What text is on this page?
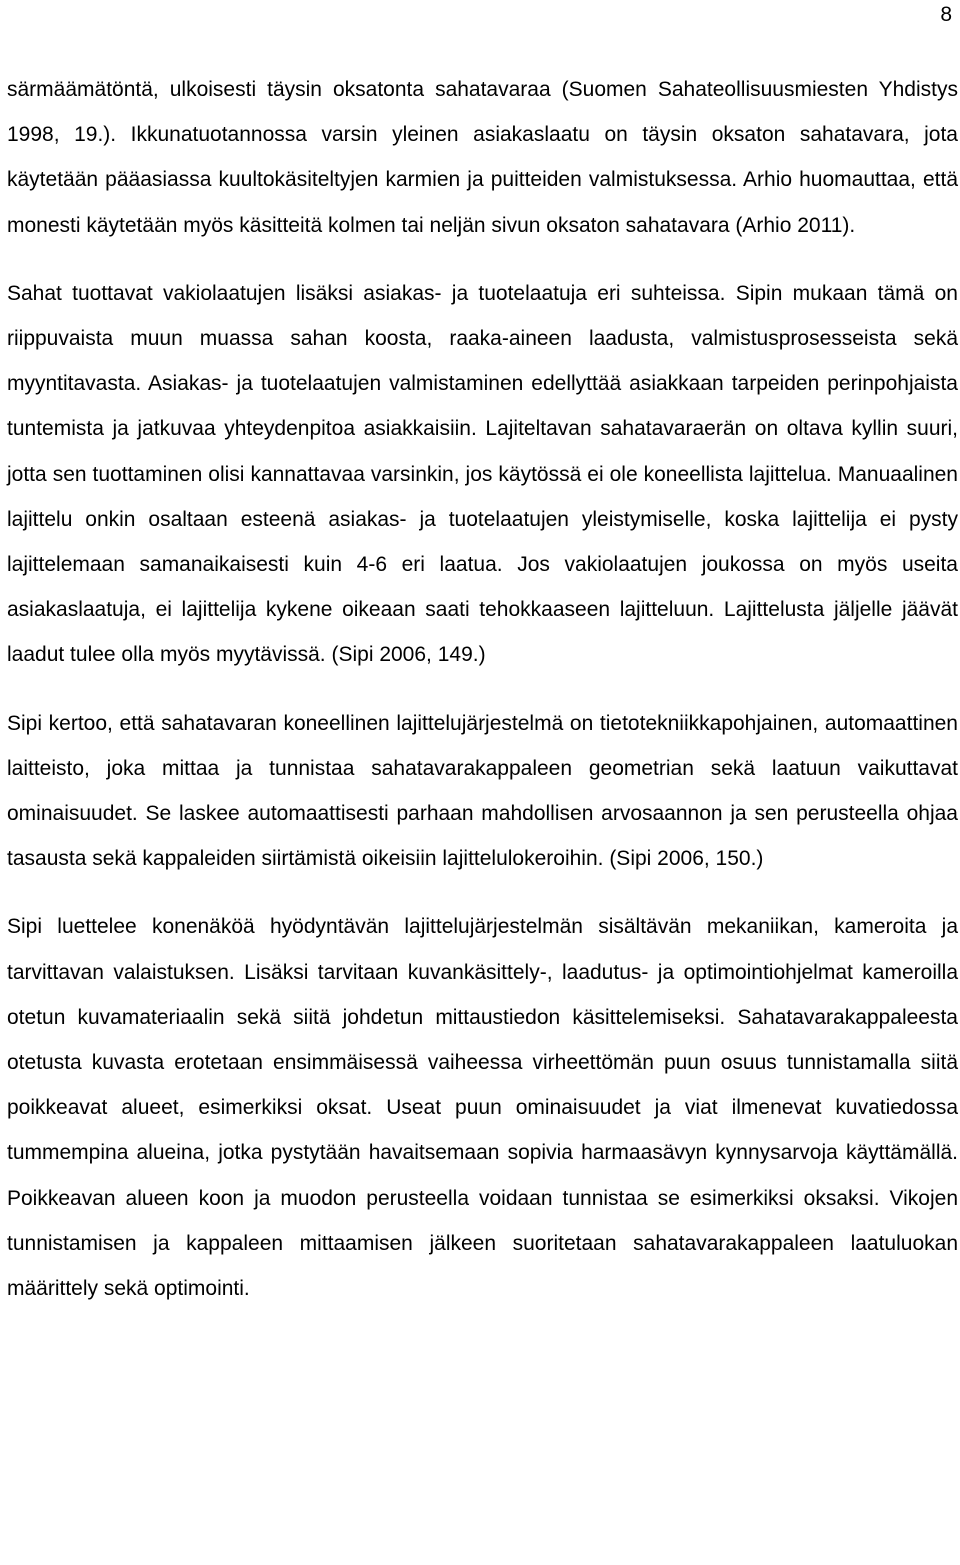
8

särmäämätöntä, ulkoisesti täysin oksatonta sahatavaraa (Suomen Sahateollisuusmiesten Yhdistys 1998, 19.). Ikkunatuotannossa varsin yleinen asiakaslaatu on täysin oksaton sahatavara, jota käytetään pääasiassa kuultokäsiteltyjen karmien ja puitteiden valmistuksessa. Arhio huomauttaa, että monesti käytetään myös käsitteitä kolmen tai neljän sivun oksaton sahatavara (Arhio 2011).

Sahat tuottavat vakiolaatujen lisäksi asiakas- ja tuotelaatuja eri suhteissa. Sipin mukaan tämä on riippuvaista muun muassa sahan koosta, raaka-aineen laadusta, valmistusprosesseista sekä myyntitavasta. Asiakas- ja tuotelaatujen valmistaminen edellyttää asiakkaan tarpeiden perinpohjaista tuntemista ja jatkuvaa yhteydenpitoa asiakkaisiin. Lajiteltavan sahatavaraerän on oltava kyllin suuri, jotta sen tuottaminen olisi kannattavaa varsinkin, jos käytössä ei ole koneellista lajittelua. Manuaalinen lajittelu onkin osaltaan esteenä asiakas- ja tuotelaatujen yleistymiselle, koska lajittelija ei pysty lajittelemaan samanaikaisesti kuin 4-6 eri laatua. Jos vakiolaatujen joukossa on myös useita asiakaslaatuja, ei lajittelija kykene oikeaan saati tehokkaaseen lajitteluun. Lajittelusta jäljelle jäävät laadut tulee olla myös myytävissä. (Sipi 2006, 149.)

Sipi kertoo, että sahatavaran koneellinen lajittelujärjestelmä on tietotekniikkapohjainen, automaattinen laitteisto, joka mittaa ja tunnistaa sahatavarakappaleen geometrian sekä laatuun vaikuttavat ominaisuudet. Se laskee automaattisesti parhaan mahdollisen arvosaannon ja sen perusteella ohjaa tasausta sekä kappaleiden siirtämistä oikeisiin lajittelulokeroihin. (Sipi 2006, 150.)

Sipi luettelee konenäköä hyödyntävän lajittelujärjestelmän sisältävän mekaniikan, kameroita ja tarvittavan valaistuksen. Lisäksi tarvitaan kuvankäsittely-, laadutus- ja optimointiohjelmat kameroilla otetun kuvamateriaalin sekä siitä johdetun mittaustiedon käsittelemiseksi. Sahatavarakappaleesta otetusta kuvasta erotetaan ensimmäisessä vaiheessa virheettömän puun osuus tunnistamalla siitä poikkeavat alueet, esimerkiksi oksat. Useat puun ominaisuudet ja viat ilmenevat kuvatiedossa tummempina alueina, jotka pystytään havaitsemaan sopivia harmaasävyn kynnysarvoja käyttämällä. Poikkeavan alueen koon ja muodon perusteella voidaan tunnistaa se esimerkiksi oksaksi. Vikojen tunnistamisen ja kappaleen mittaamisen jälkeen suoritetaan sahatavarakappaleen laatuluokan määrittely sekä optimointi.
